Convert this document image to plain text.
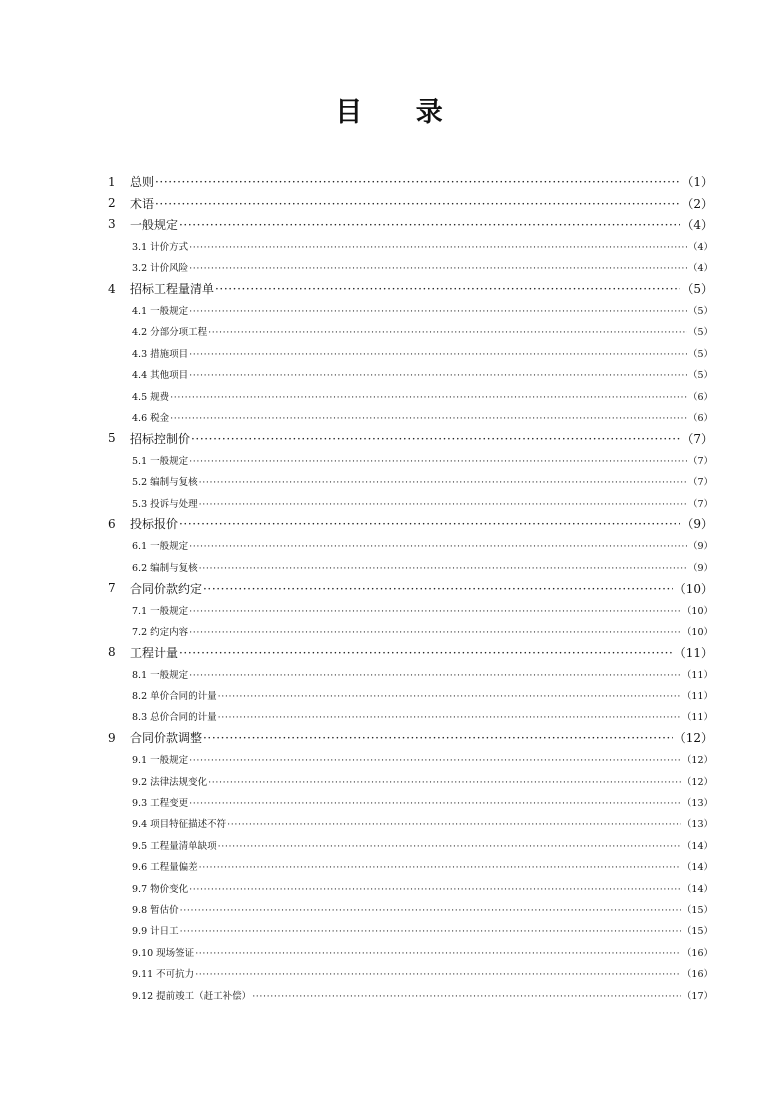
目 录
1	总则 ·····	（1）
2	术语 ·····	（2）
3	一般规定 ·····	（4）
3.1 计价方式 ·····	（4）
3.2 计价风险 ·····	（4）
4	招标工程量清单 ·····	（5）
4.1 一般规定 ·····	（5）
4.2 分部分项工程 ·····	（5）
4.3 措施项目 ·····	（5）
4.4 其他项目 ·····	（5）
4.5 规费 ·····	（6）
4.6 税金 ·····	（6）
5	招标控制价 ·····	（7）
5.1 一般规定 ·····	（7）
5.2 编制与复核 ·····	（7）
5.3 投诉与处理 ·····	（7）
6	投标报价 ·····	（9）
6.1 一般规定 ·····	（9）
6.2 编制与复核 ·····	（9）
7	合同价款约定 ·····	（10）
7.1 一般规定 ·····	（10）
7.2 约定内容 ·····	（10）
8	工程计量 ·····	（11）
8.1 一般规定 ·····	（11）
8.2 单价合同的计量 ·····	（11）
8.3 总价合同的计量 ·····	（11）
9	合同价款调整 ·····	（12）
9.1 一般规定 ·····	（12）
9.2 法律法规变化 ·····	（12）
9.3 工程变更 ·····	（13）
9.4 项目特征描述不符 ·····	（13）
9.5 工程量清单缺项 ·····	（14）
9.6 工程量偏差 ·····	（14）
9.7 物价变化 ·····	（14）
9.8 暂估价 ·····	（15）
9.9 计日工 ·····	（15）
9.10 现场签证 ·····	（16）
9.11 不可抗力 ·····	（16）
9.12 提前竣工（赶工补偿） ·····	（17）
